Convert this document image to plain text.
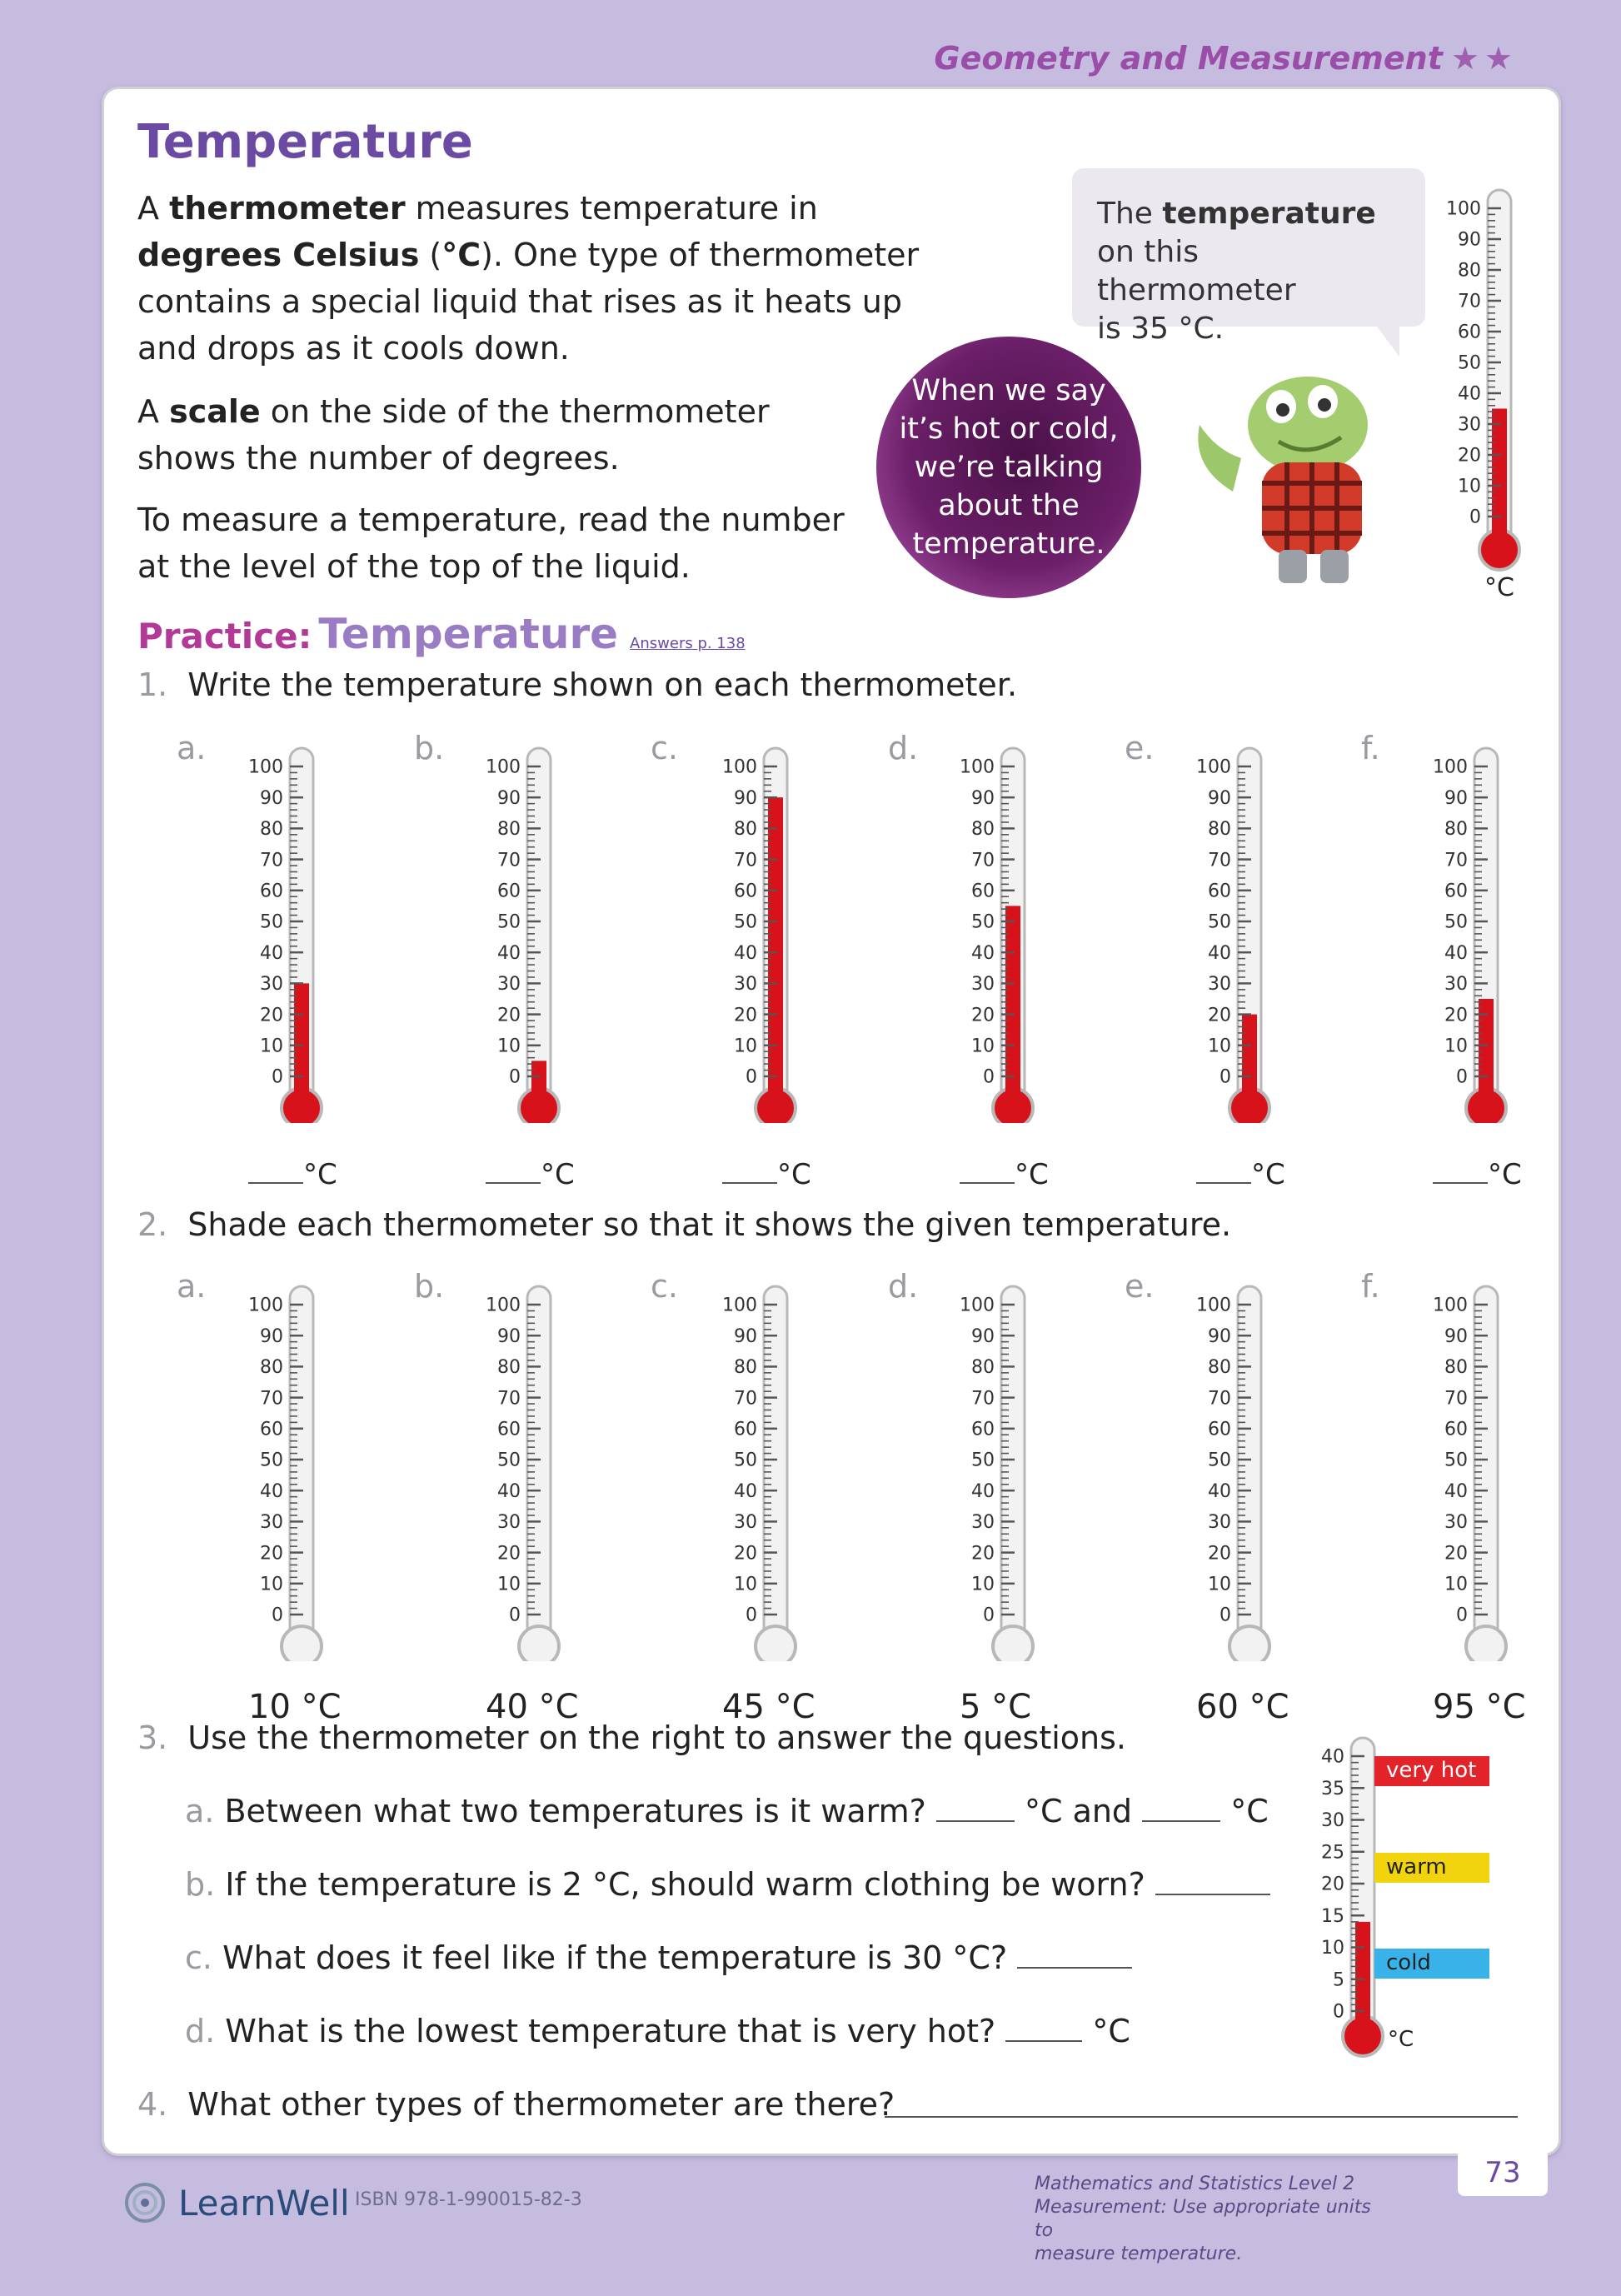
Geometry and Measurement ★★
Temperature
A thermometer measures temperature in
degrees Celsius (°C). One type of thermometer
contains a special liquid that rises as it heats up
and drops as it cools down.
A scale on the side of the thermometer
shows the number of degrees.
To measure a temperature, read the number
at the level of the top of the liquid.
The temperature
on this thermometer
is 35 °C.
When we say it’s hot or cold, we’re talking about the temperature.
100
90
80
70
60
50
40
30
20
10
0
°C
Practice: Temperature Answers p. 138
1. Write the temperature shown on each thermometer.
a.
100
90
80
70
60
50
40
30
20
10
0
°C
b.
100
90
80
70
60
50
40
30
20
10
0
°C
c.
100
90
80
70
60
50
40
30
20
10
0
°C
d.
100
90
80
70
60
50
40
30
20
10
0
°C
e.
100
90
80
70
60
50
40
30
20
10
0
°C
f.
100
90
80
70
60
50
40
30
20
10
0
°C
2. Shade each thermometer so that it shows the given temperature.
a.
100
90
80
70
60
50
40
30
20
10
0
10 °C
b.
100
90
80
70
60
50
40
30
20
10
0
40 °C
c.
100
90
80
70
60
50
40
30
20
10
0
45 °C
d.
100
90
80
70
60
50
40
30
20
10
0
5 °C
e.
100
90
80
70
60
50
40
30
20
10
0
60 °C
f.
100
90
80
70
60
50
40
30
20
10
0
95 °C
3. Use the thermometer on the right to answer the questions.
a. Between what two temperatures is it warm?	°C and	°C
b. If the temperature is 2 °C, should warm clothing be worn?
c. What does it feel like if the temperature is 30 °C?
d. What is the lowest temperature that is very hot?	°C
40
35
30
25
20
15
10
5
0
°C
very hot
warm
cold
4. What other types of thermometer are there?
LearnWell ISBN 978-1-990015-82-3
Mathematics and Statistics Level 2
Measurement: Use appropriate units to
measure temperature.
73
